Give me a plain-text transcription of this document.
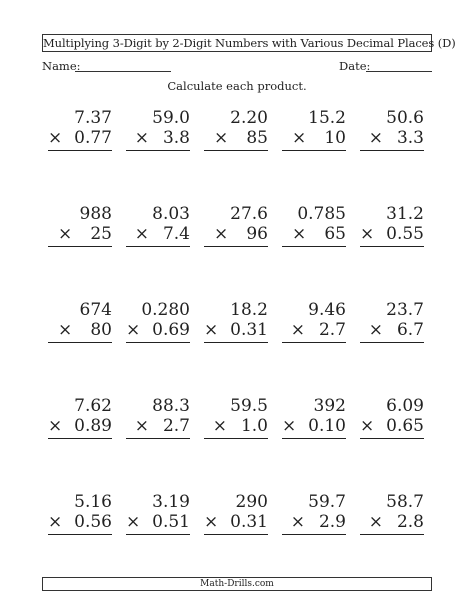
Multiplying 3-Digit by 2-Digit Numbers with Various Decimal Places (D)
Name:	Date:
Calculate each product.
7.37
0.77
×
59.0
3.8
×
2.20
85
×
15.2
10
×
50.6
3.3
×
988
25
×
8.03
7.4
×
27.6
96
×
0.785
65
×
31.2
0.55
×
674
80
×
0.280
0.69
×
18.2
0.31
×
9.46
2.7
×
23.7
6.7
×
7.62
0.89
×
88.3
2.7
×
59.5
1.0
×
392
0.10
×
6.09
0.65
×
5.16
0.56
×
3.19
0.51
×
290
0.31
×
59.7
2.9
×
58.7
2.8
×
Math-Drills.com
